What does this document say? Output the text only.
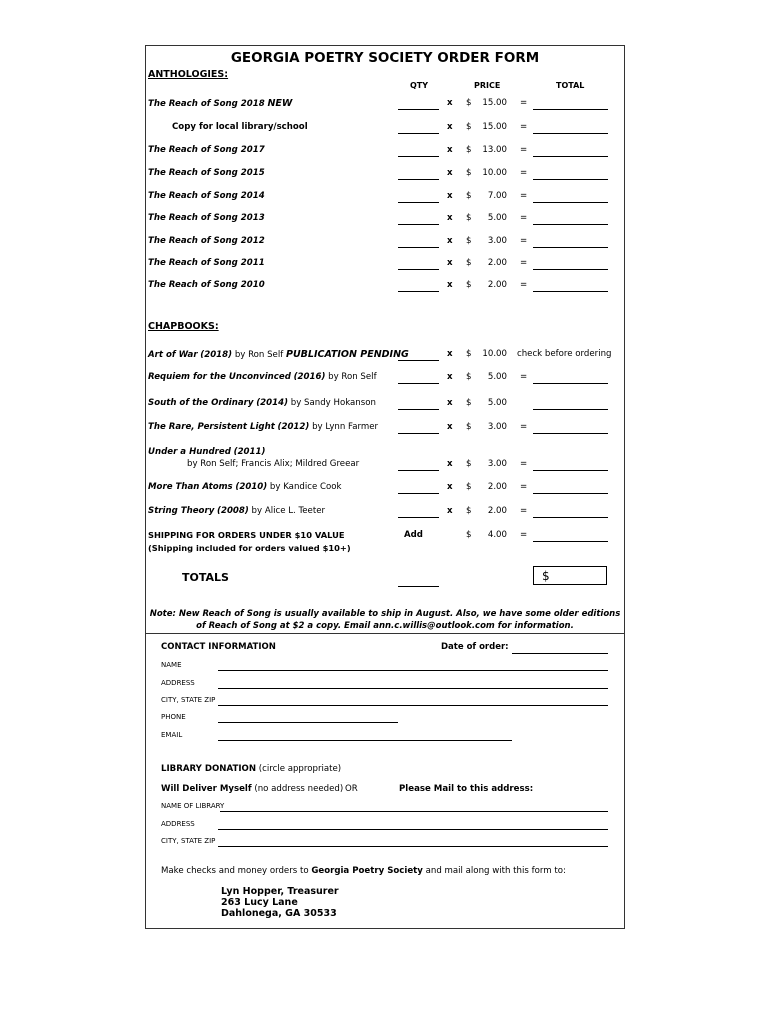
GEORGIA POETRY SOCIETY ORDER FORM
ANTHOLOGIES:
QTY	PRICE	TOTAL
The Reach of Song 2018 NEW	x $ 15.00 =
Copy for local library/school	x $ 15.00 =
The Reach of Song 2017	x $ 13.00 =
The Reach of Song 2015	x $ 10.00 =
The Reach of Song 2014	x $	7.00 =
The Reach of Song 2013	x $	5.00 =
The Reach of Song 2012	x $	3.00 =
The Reach of Song 2011	x $	2.00 =
The Reach of Song 2010	x $	2.00 =
CHAPBOOKS:
Art of War (2018) by Ron Self PUBLICATION PENDING	x $ 10.00 check before ordering
Requiem for the Unconvinced (2016) by Ron Self	x $	5.00 =
South of the Ordinary (2014) by Sandy Hokanson	x $	5.00
The Rare, Persistent Light (2012) by Lynn Farmer	x $	3.00 =
Under a Hundred (2011)
by Ron Self; Francis Alix; Mildred Greear	x $	3.00 =
More Than Atoms (2010) by Kandice Cook	x $	2.00 =
String Theory (2008) by Alice L. Teeter	x $	2.00 =
SHIPPING FOR ORDERS UNDER $10 VALUE
(Shipping included for orders valued $10+)
Add	$	4.00 =
TOTALS	$
Note: New Reach of Song is usually available to ship in August. Also, we have some older editions
of Reach of Song at $2 a copy. Email ann.c.willis@outlook.com for information.
CONTACT INFORMATION	Date of order:
NAME
ADDRESS
CITY, STATE ZIP
PHONE
EMAIL
LIBRARY DONATION (circle appropriate)
Will Deliver Myself (no address needed) OR	Please Mail to this address:
NAME OF LIBRARY
ADDRESS
CITY, STATE ZIP
Make checks and money orders to Georgia Poetry Society and mail along with this form to:
Lyn Hopper, Treasurer
263 Lucy Lane
Dahlonega, GA 30533
